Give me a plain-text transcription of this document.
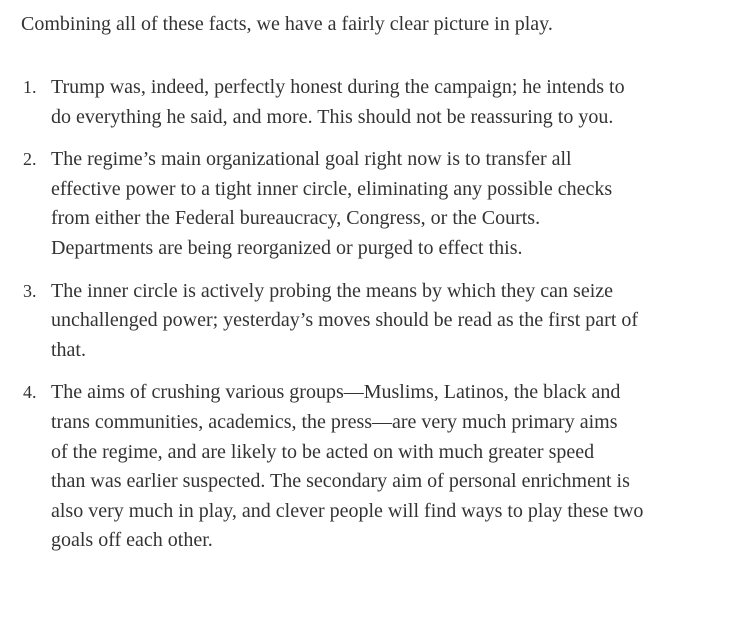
Combining all of these facts, we have a fairly clear picture in play.

1. Trump was, indeed, perfectly honest during the campaign; he intends to
do everything he said, and more. This should not be reassuring to you.
2. The regime’s main organizational goal right now is to transfer all
effective power to a tight inner circle, eliminating any possible checks
from either the Federal bureaucracy, Congress, or the Courts.
Departments are being reorganized or purged to effect this.
3. The inner circle is actively probing the means by which they can seize
unchallenged power; yesterday’s moves should be read as the first part of
that.
4. The aims of crushing various groups—Muslims, Latinos, the black and
trans communities, academics, the press—are very much primary aims
of the regime, and are likely to be acted on with much greater speed
than was earlier suspected. The secondary aim of personal enrichment is
also very much in play, and clever people will find ways to play these two
goals off each other.
